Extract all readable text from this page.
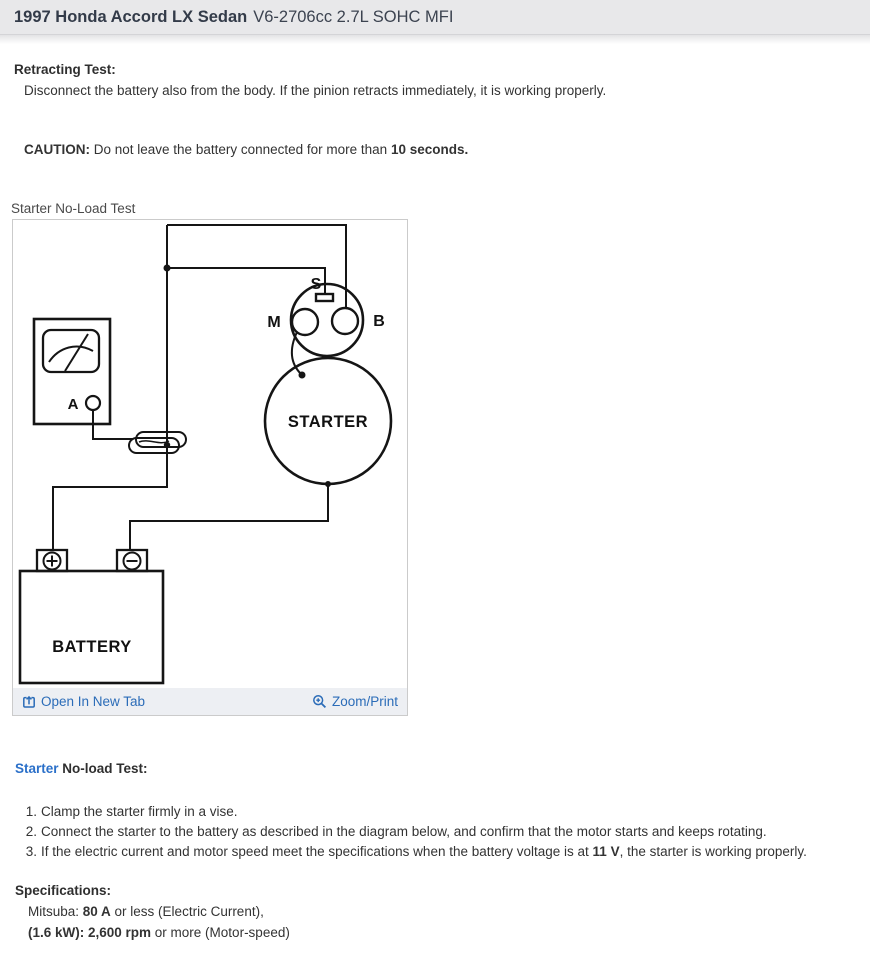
1997 Honda Accord LX Sedan V6-2706cc 2.7L SOHC MFI
Retracting Test:
Disconnect the battery also from the body. If the pinion retracts immediately, it is working properly.
CAUTION: Do not leave the battery connected for more than 10 seconds.
Starter No-Load Test
A
S
M	B
STARTER
BATTERY
Open In New Tab	Zoom/Print
Starter No-load Test:
1. Clamp the starter firmly in a vise.
2. Connect the starter to the battery as described in the diagram below, and confirm that the motor starts and keeps rotating.
3. If the electric current and motor speed meet the specifications when the battery voltage is at 11 V, the starter is working properly.
Specifications:
Mitsuba: 80 A or less (Electric Current),
(1.6 kW): 2,600 rpm or more (Motor-speed)
